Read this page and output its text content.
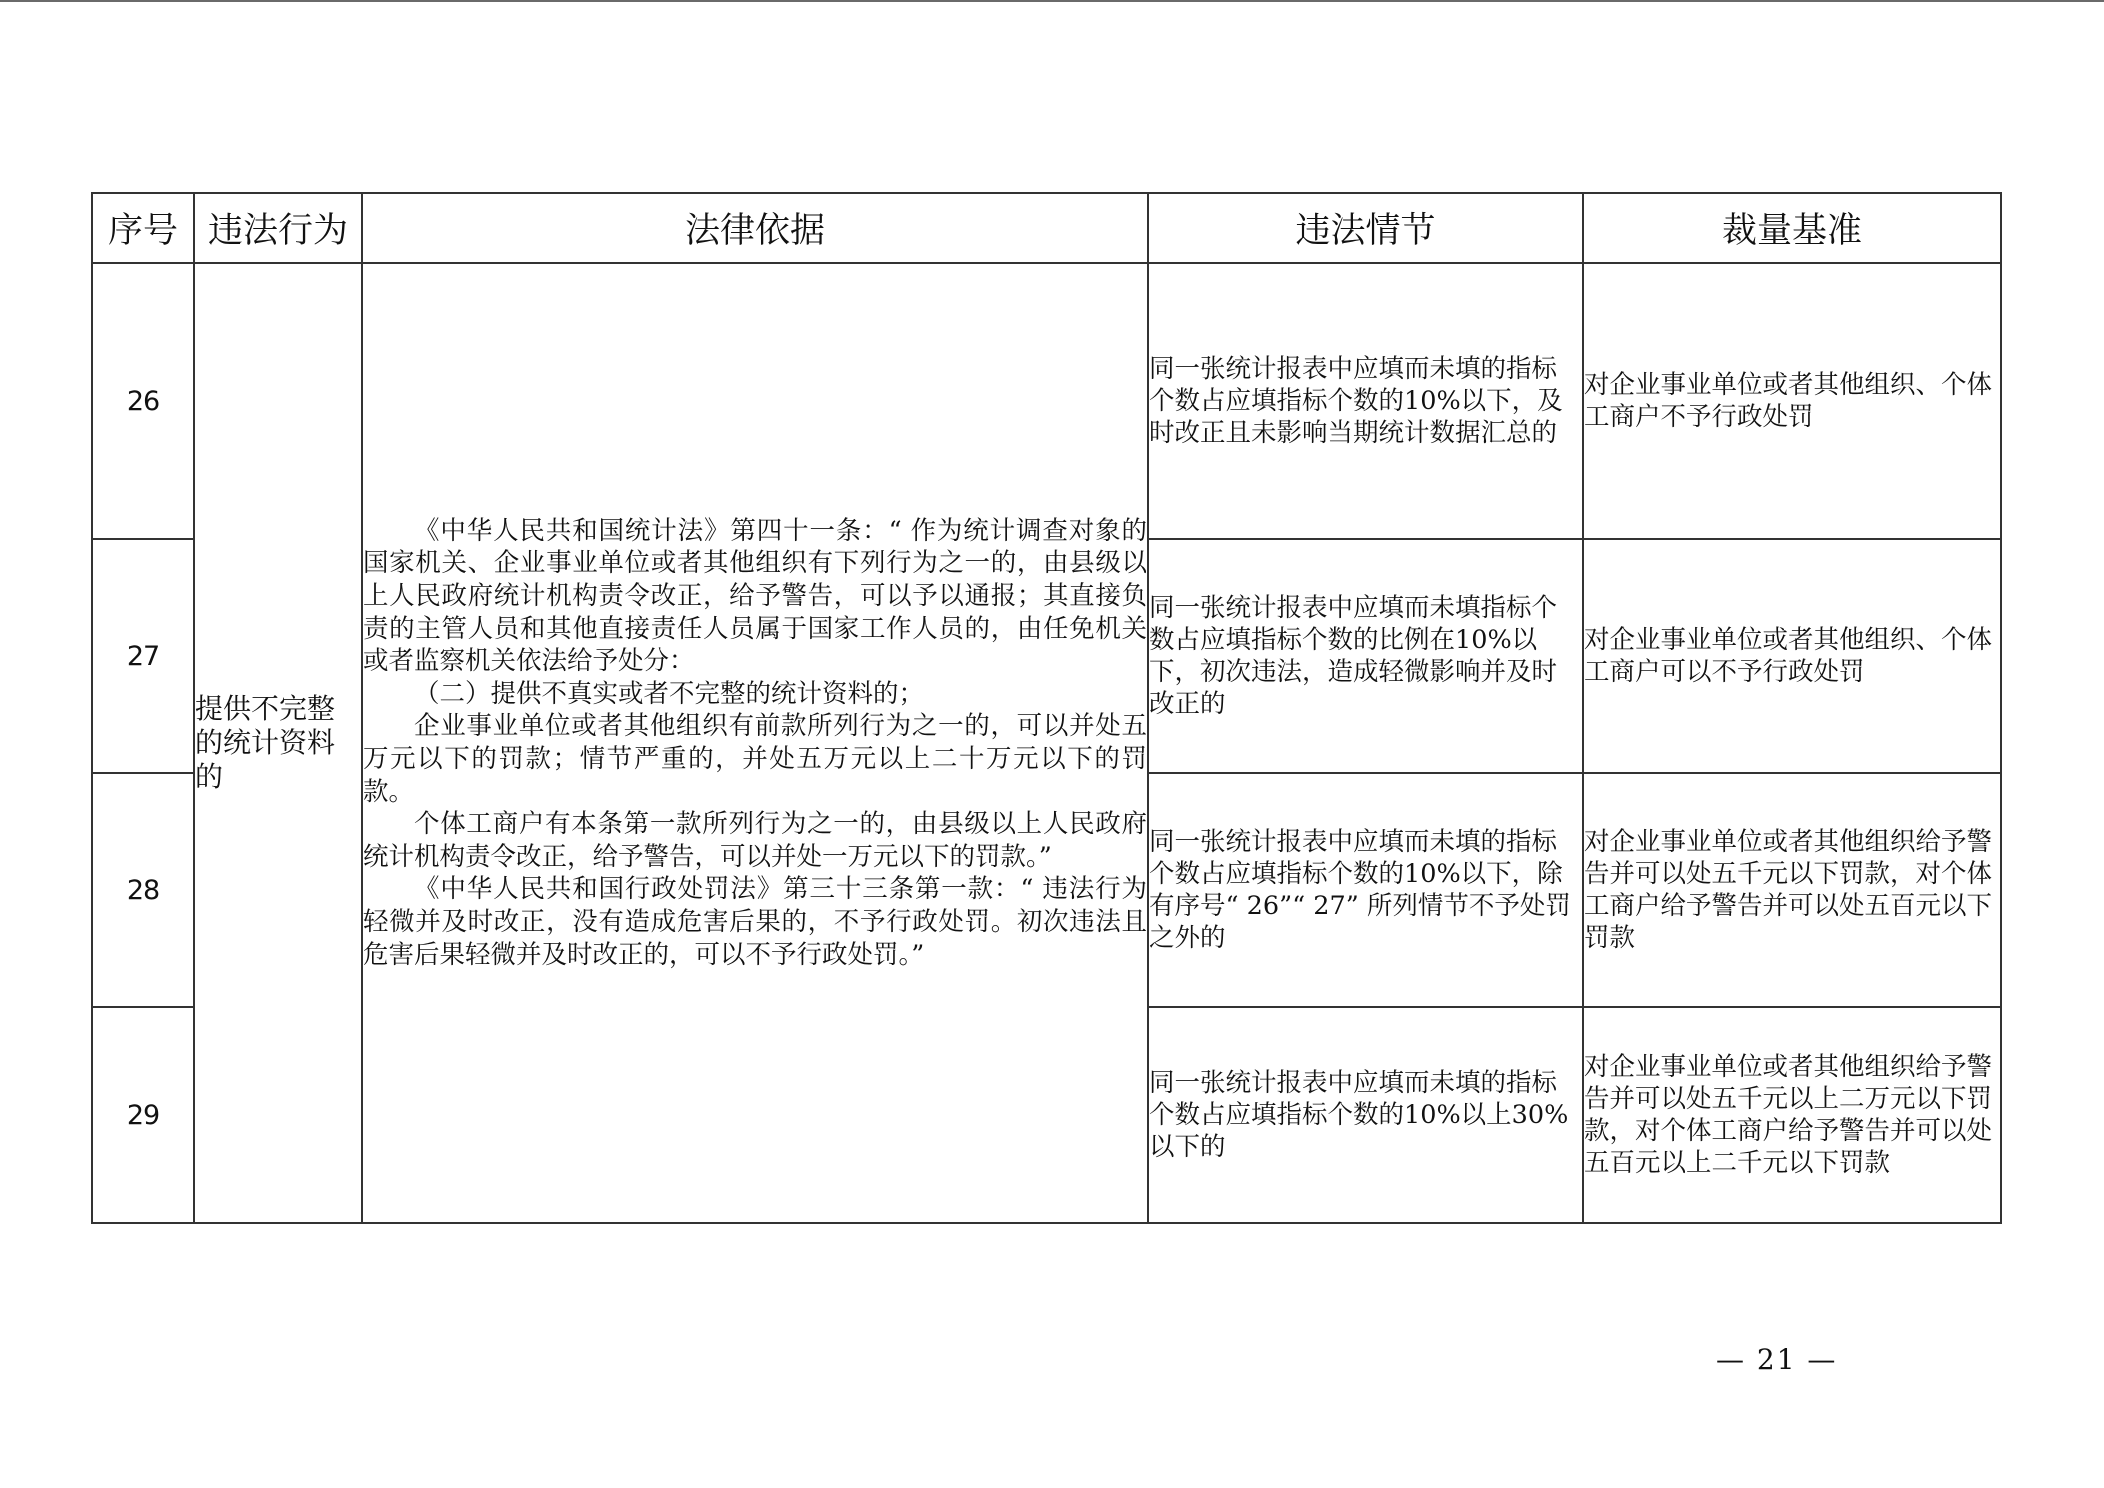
序号	违法行为	法律依据	违法情节	裁量基准
26	提供不完整的统计资料的	《中华人民共和国统计法》第四十一条：“ 作为统计调查对象的国家机关、企业事业单位或者其他组织有下列行为之一的，由县级以上人民政府统计机构责令改正，给予警告，可以予以通报；其直接负责的主管人员和其他直接责任人员属于国家工作人员的，由任免机关或者监察机关依法给予处分：

（二）提供不真实或者不完整的统计资料的；

企业事业单位或者其他组织有前款所列行为之一的，可以并处五万元以下的罚款；情节严重的，并处五万元以上二十万元以下的罚款。

个体工商户有本条第一款所列行为之一的，由县级以上人民政府统计机构责令改正，给予警告，可以并处一万元以下的罚款。”

《中华人民共和国行政处罚法》第三十三条第一款：“ 违法行为轻微并及时改正，没有造成危害后果的，不予行政处罚。初次违法且危害后果轻微并及时改正的，可以不予行政处罚。”	同一张统计报表中应填而未填的指标个数占应填指标个数的10%以下，及时改正且未影响当期统计数据汇总的	对企业事业单位或者其他组织、个体工商户不予行政处罚
27			同一张统计报表中应填而未填指标个数占应填指标个数的比例在10%以下，初次违法，造成轻微影响并及时改正的	对企业事业单位或者其他组织、个体工商户可以不予行政处罚
28			同一张统计报表中应填而未填的指标个数占应填指标个数的10%以下，除有序号“ 26”“ 27” 所列情节不予处罚之外的	对企业事业单位或者其他组织给予警告并可以处五千元以下罚款，对个体工商户给予警告并可以处五百元以下罚款
29			同一张统计报表中应填而未填的指标个数占应填指标个数的10%以上30%以下的	对企业事业单位或者其他组织给予警告并可以处五千元以上二万元以下罚款，对个体工商户给予警告并可以处五百元以上二千元以下罚款
— 21 —
